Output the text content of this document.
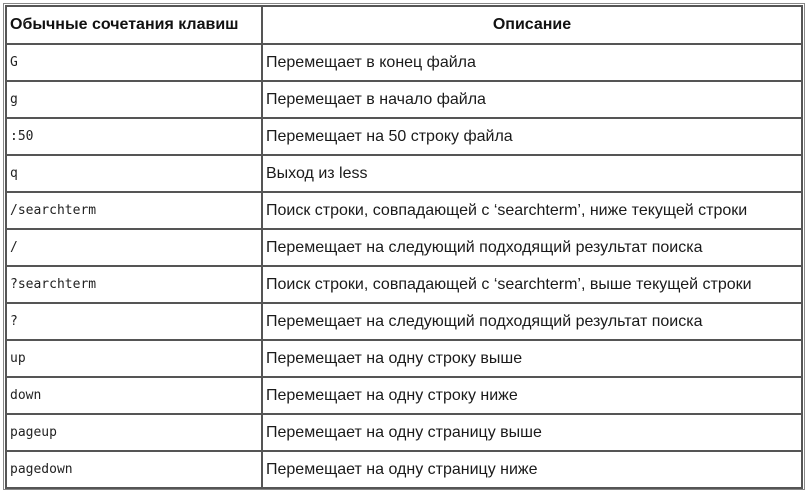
Обычные сочетания клавиш	Описание
G	Перемещает в конец файла
g	Перемещает в начало файла
:50	Перемещает на 50 строку файла
q	Выход из less
/searchterm	Поиск строки, совпадающей с ‘searchterm’, ниже текущей строки
/	Перемещает на следующий подходящий результат поиска
?searchterm	Поиск строки, совпадающей с ‘searchterm’, выше текущей строки
?	Перемещает на следующий подходящий результат поиска
up	Перемещает на одну строку выше
down	Перемещает на одну строку ниже
pageup	Перемещает на одну страницу выше
pagedown	Перемещает на одну страницу ниже
